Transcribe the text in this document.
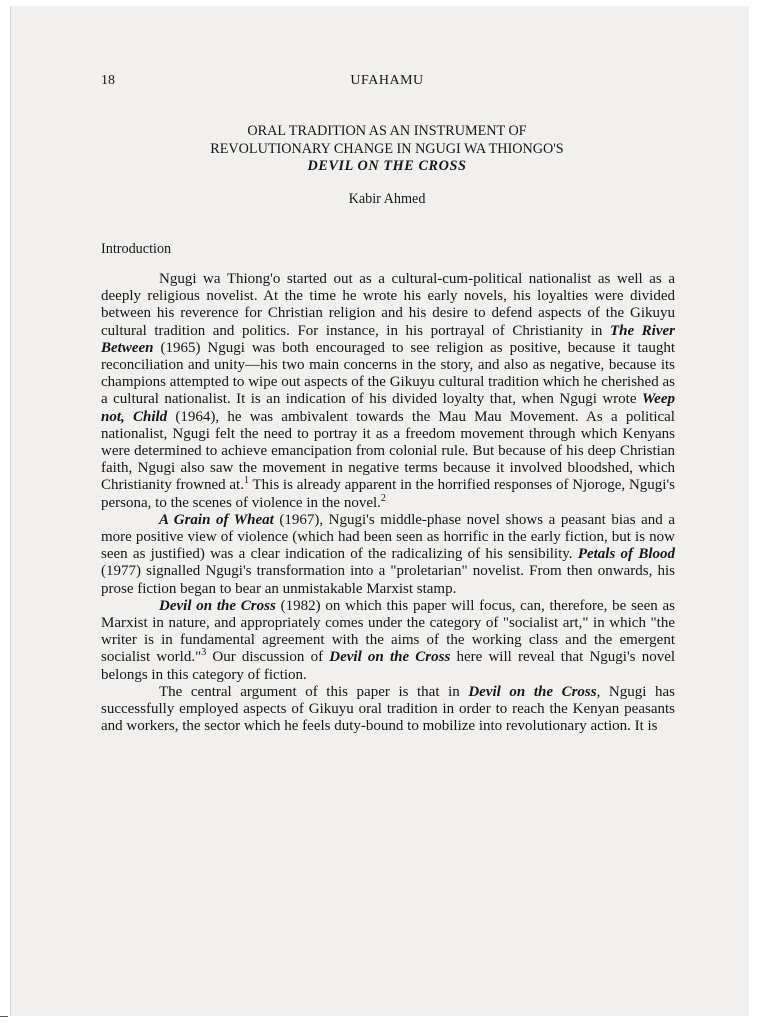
18	UFAHAMU
ORAL TRADITION AS AN INSTRUMENT OF
REVOLUTIONARY CHANGE IN NGUGI WA THIONGO'S
DEVIL ON THE CROSS
Kabir Ahmed
Introduction

Ngugi wa Thiong'o started out as a cultural-cum-political nationalist as well as a deeply religious novelist. At the time he wrote his early novels, his loyalties were divided between his reverence for Christian religion and his desire to defend aspects of the Gikuyu cultural tradition and politics. For instance, in his portrayal of Christianity in The River Between (1965) Ngugi was both encouraged to see religion as positive, because it taught reconciliation and unity—his two main concerns in the story, and also as negative, because its champions attempted to wipe out aspects of the Gikuyu cultural tradition which he cherished as a cultural nationalist. It is an indication of his divided loyalty that, when Ngugi wrote Weep not, Child (1964), he was ambivalent towards the Mau Mau Movement. As a political nationalist, Ngugi felt the need to portray it as a freedom movement through which Kenyans were determined to achieve emancipation from colonial rule. But because of his deep Christian faith, Ngugi also saw the movement in negative terms because it involved bloodshed, which Christianity frowned at.$^1$ This is already apparent in the horrified responses of Njoroge, Ngugi's persona, to the scenes of violence in the novel.$^2$

A Grain of Wheat (1967), Ngugi's middle-phase novel shows a peasant bias and a more positive view of violence (which had been seen as horrific in the early fiction, but is now seen as justified) was a clear indication of the radicalizing of his sensibility. Petals of Blood (1977) signalled Ngugi's transformation into a "proletarian" novelist. From then onwards, his prose fiction began to bear an unmistakable Marxist stamp.

Devil on the Cross (1982) on which this paper will focus, can, therefore, be seen as Marxist in nature, and appropriately comes under the category of "socialist art," in which "the writer is in fundamental agreement with the aims of the working class and the emergent socialist world."$^3$ Our discussion of Devil on the Cross here will reveal that Ngugi's novel belongs in this category of fiction.

The central argument of this paper is that in Devil on the Cross, Ngugi has successfully employed aspects of Gikuyu oral tradition in order to reach the Kenyan peasants and workers, the sector which he feels duty-bound to mobilize into revolutionary action. It is
